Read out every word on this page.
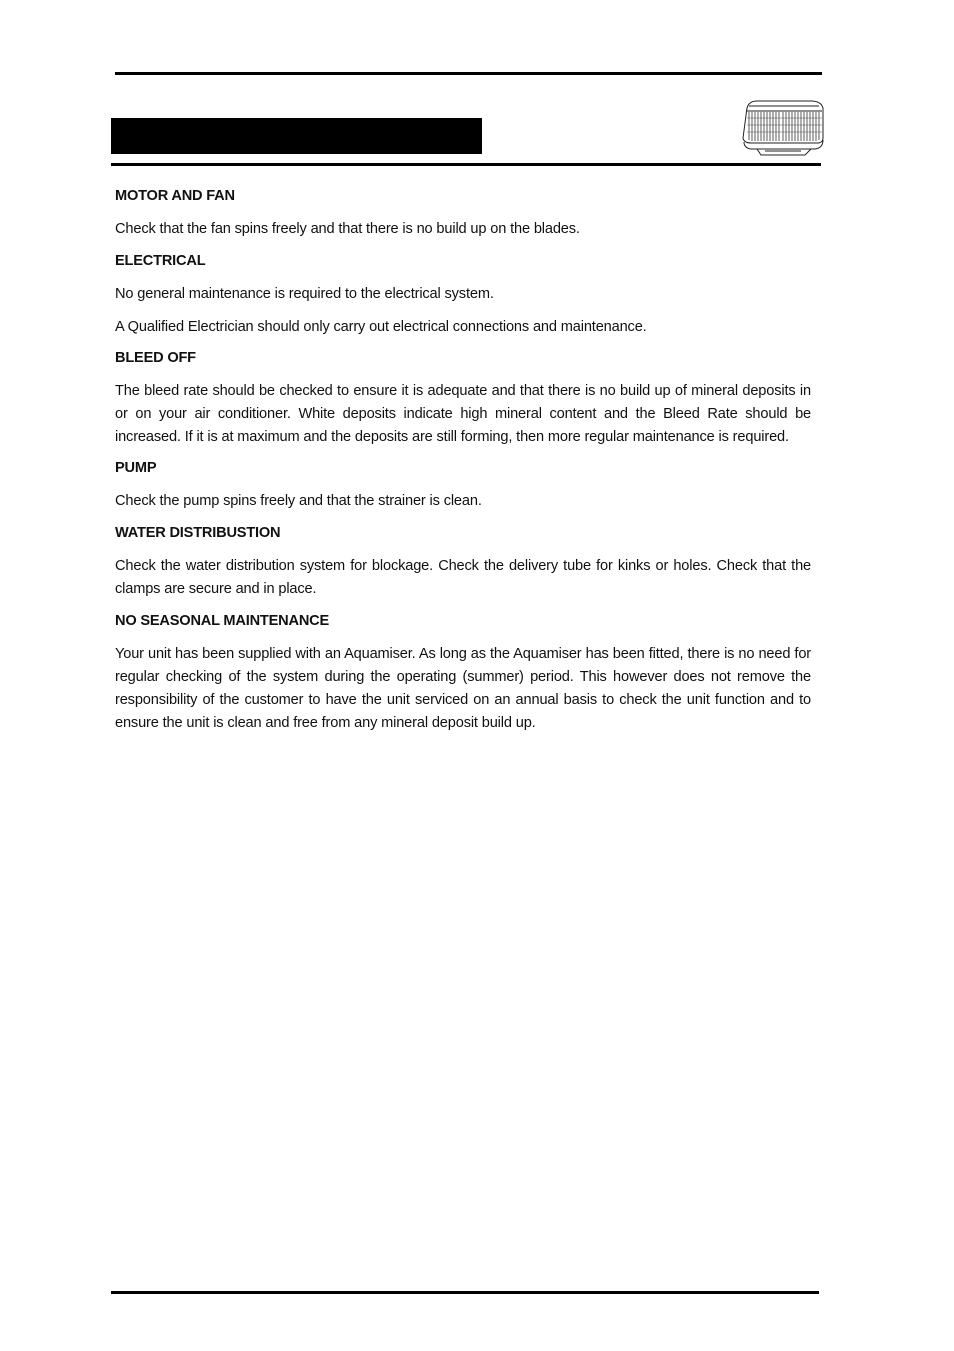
MOTOR AND FAN

Check that the fan spins freely and that there is no build up on the blades.

ELECTRICAL

No general maintenance is required to the electrical system.

A Qualified Electrician should only carry out electrical connections and maintenance.

BLEED OFF

The bleed rate should be checked to ensure it is adequate and that there is no build up of mineral deposits in or on your air conditioner. White deposits indicate high mineral content and the Bleed Rate should be increased. If it is at maximum and the deposits are still forming, then more regular maintenance is required.

PUMP

Check the pump spins freely and that the strainer is clean.

WATER DISTRIBUSTION

Check the water distribution system for blockage. Check the delivery tube for kinks or holes. Check that the clamps are secure and in place.

NO SEASONAL MAINTENANCE

Your unit has been supplied with an Aquamiser. As long as the Aquamiser has been fitted, there is no need for regular checking of the system during the operating (summer) period. This however does not remove the responsibility of the customer to have the unit serviced on an annual basis to check the unit function and to ensure the unit is clean and free from any mineral deposit build up.
